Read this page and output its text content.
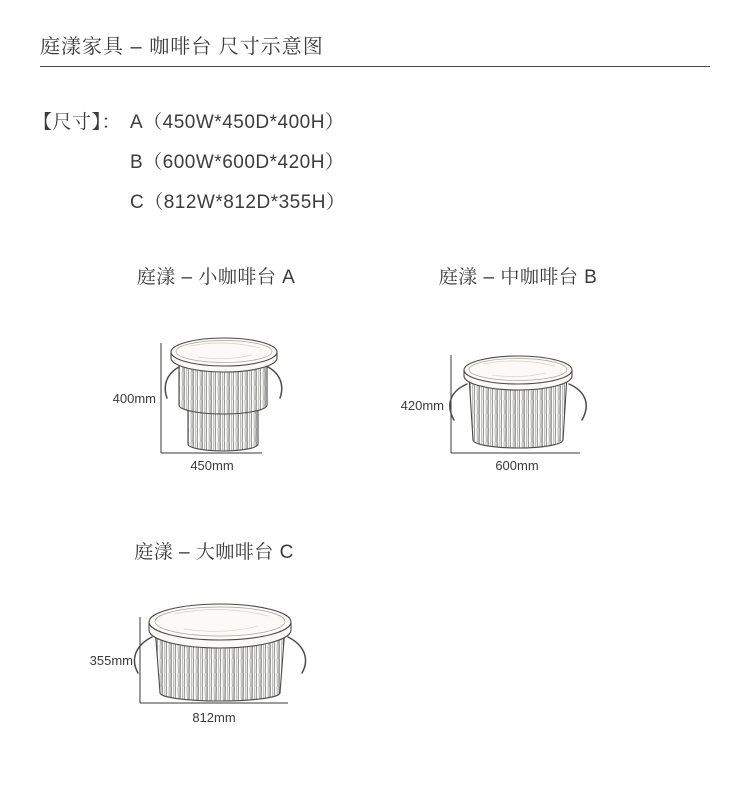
庭漾家具 – 咖啡台 尺寸示意图
【尺寸】： A（450W*450D*400H）
B（600W*600D*420H）
C（812W*812D*355H）
庭漾 – 小咖啡台 A
400mm
450mm
庭漾 – 中咖啡台 B
420mm
600mm
庭漾 – 大咖啡台 C
355mm
812mm
